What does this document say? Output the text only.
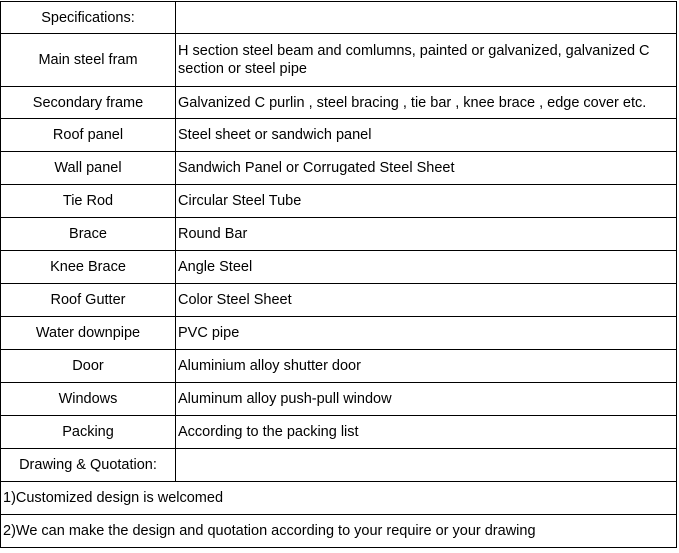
Specifications:	
Main steel fram	H section steel beam and comlumns, painted or galvanized, galvanized C section or steel pipe
Secondary frame	Galvanized C purlin , steel bracing , tie bar , knee brace , edge cover etc.
Roof panel	Steel sheet or sandwich panel
Wall panel	Sandwich Panel or Corrugated Steel Sheet
Tie Rod	Circular Steel Tube
Brace	Round Bar
Knee Brace	Angle Steel
Roof Gutter	Color Steel Sheet
Water downpipe	PVC pipe
Door	Aluminium alloy shutter door
Windows	Aluminum alloy push-pull window
Packing	According to the packing list
Drawing & Quotation:	
1)Customized design is welcomed	
2)We can make the design and quotation according to your require or your drawing	
